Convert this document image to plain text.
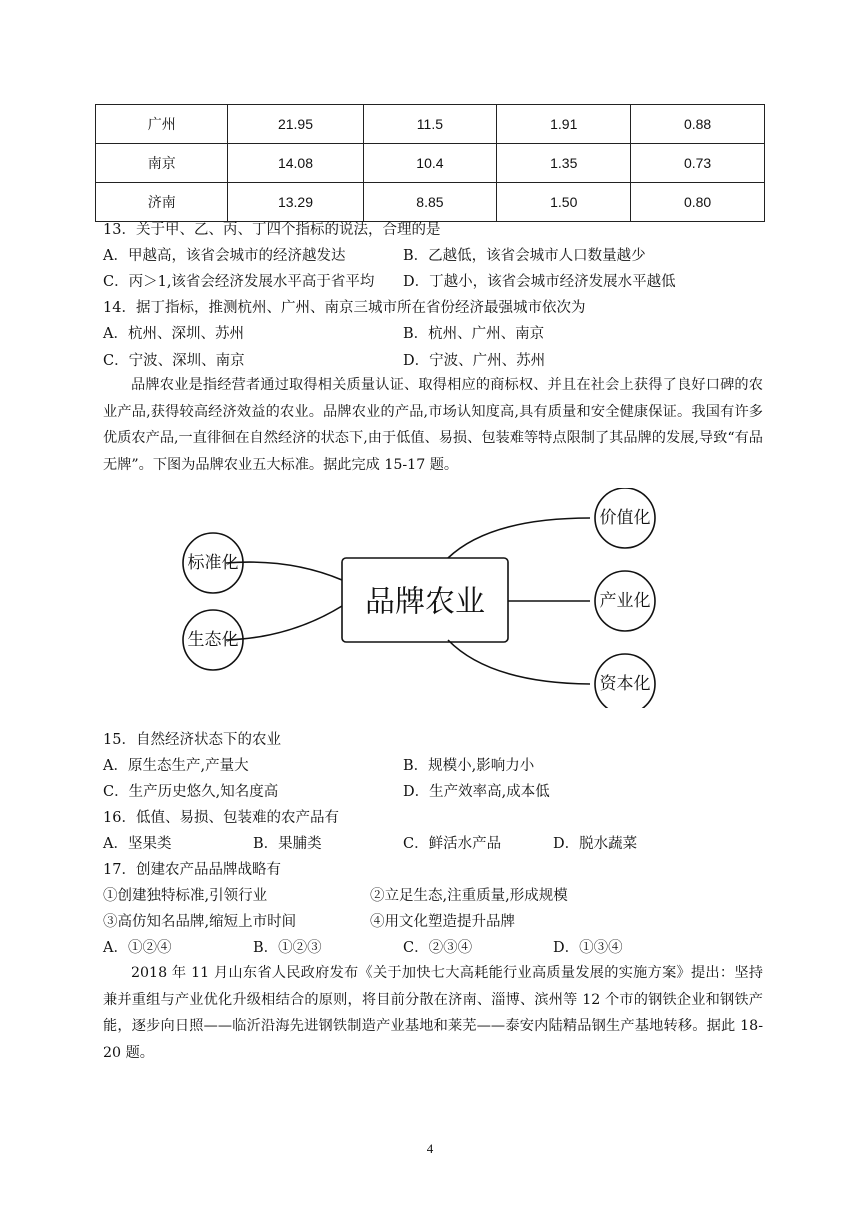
广州	21.95	11.5	1.91	0.88
南京	14.08	10.4	1.35	0.73
济南	13.29	8.85	1.50	0.80
13．关于甲、乙、丙、丁四个指标的说法，合理的是
A．甲越高，该省会城市的经济越发达	B．乙越低，该省会城市人口数量越少
C．丙＞1,该省会经济发展水平高于省平均 D．丁越小，该省会城市经济发展水平越低
14．据丁指标，推测杭州、广州、南京三城市所在省份经济最强城市依次为
A．杭州、深圳、苏州	B．杭州、广州、南京
C．宁波、深圳、南京	D．宁波、广州、苏州
品牌农业是指经营者通过取得相关质量认证、取得相应的商标权、并且在社会上获得了良好口碑的农业产品,获得较高经济效益的农业。品牌农业的产品,市场认知度高,具有质量和安全健康保证。我国有许多优质农产品,一直徘徊在自然经济的状态下,由于低值、易损、包装难等特点限制了其品牌的发展,导致“有品无牌”。下图为品牌农业五大标准。据此完成 15-17 题。
品牌农业
标准化
生态化
价值化
产业化
资本化
15．自然经济状态下的农业
A．原生态生产,产量大	B．规模小,影响力小
C．生产历史悠久,知名度高	D．生产效率高,成本低
16．低值、易损、包装难的农产品有
A．坚果类	B．果脯类	C．鲜活水产品	D．脱水蔬菜
17．创建农产品品牌战略有
①创建独特标准,引领行业	②立足生态,注重质量,形成规模
③高仿知名品牌,缩短上市时间	④用文化塑造提升品牌
A．①②④	B．①②③	C．②③④	D．①③④
2018 年 11 月山东省人民政府发布《关于加快七大高耗能行业高质量发展的实施方案》提出：坚持兼并重组与产业优化升级相结合的原则，将目前分散在济南、淄博、滨州等 12 个市的钢铁企业和钢铁产能，逐步向日照——临沂沿海先进钢铁制造产业基地和莱芜——泰安内陆精品钢生产基地转移。据此 18-20 题。
4
